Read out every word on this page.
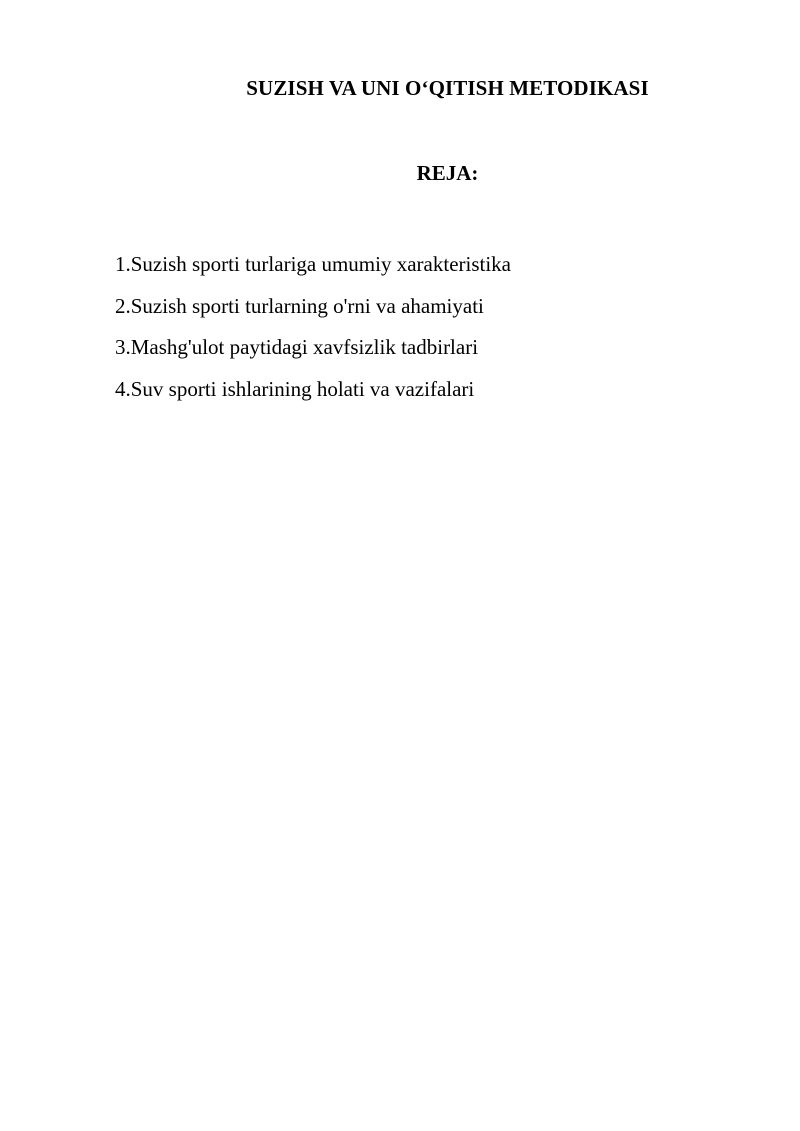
SUZISH VA UNI O‘QITISH METODIKASI
REJA:
1.Suzish sporti turlariga umumiy xarakteristika
2.Suzish sporti turlarning o'rni va ahamiyati
3.Mashg'ulot paytidagi xavfsizlik tadbirlari
4.Suv sporti ishlarining holati va vazifalari
